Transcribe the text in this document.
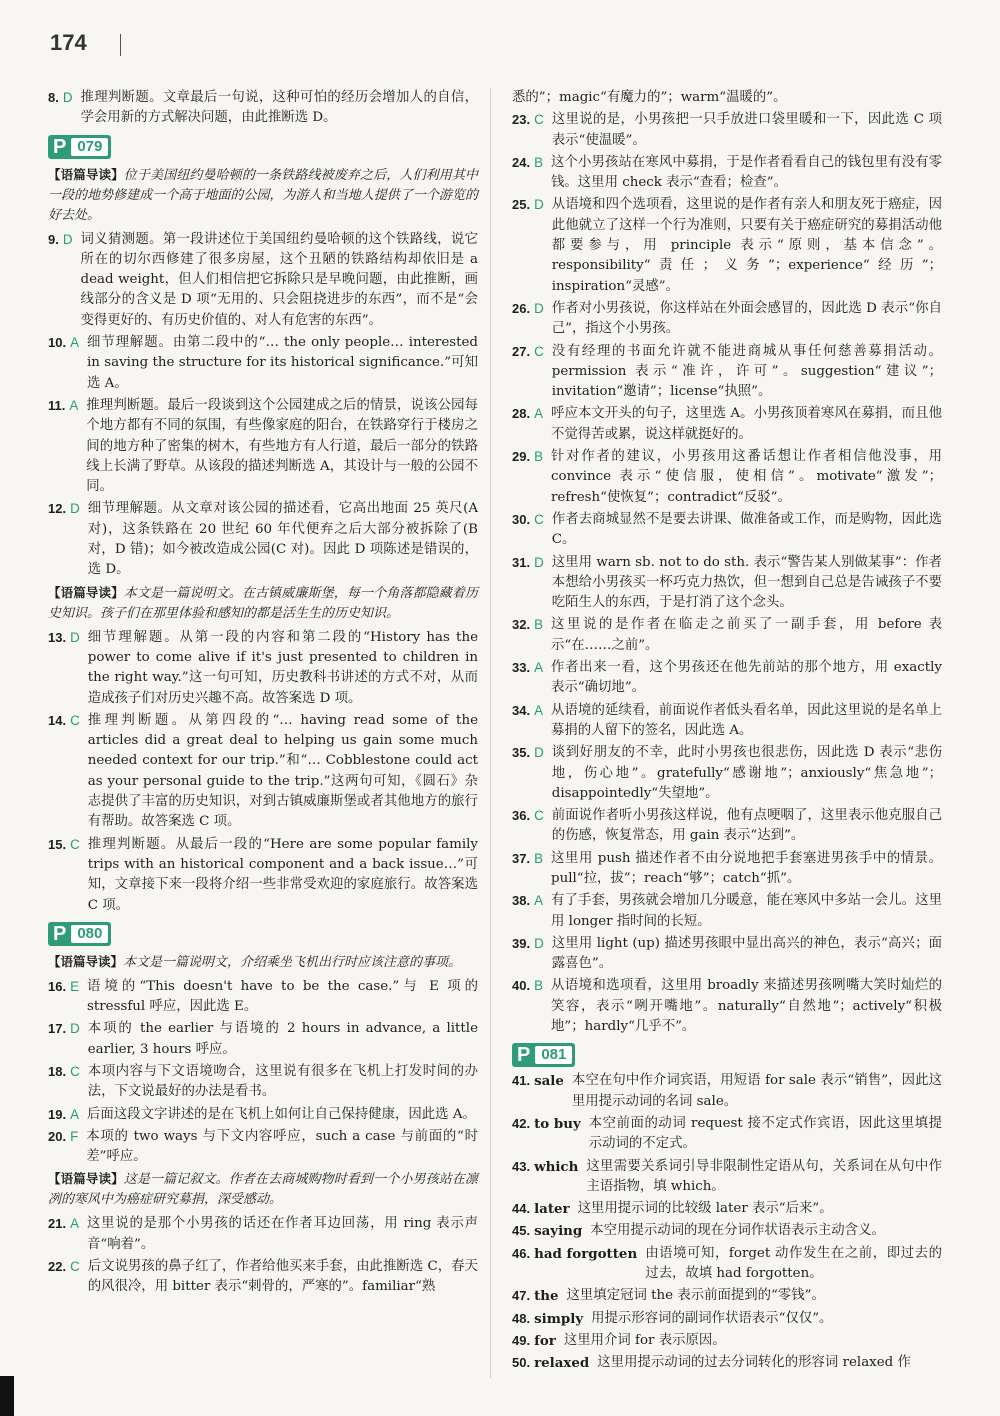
174
8. D 推理判断题。文章最后一句说，这种可怕的经历会增加人的自信，学会用新的方式解决问题，由此推断选 D。
P 079
【语篇导读】位于美国纽约曼哈顿的一条铁路线被废弃之后，人们利用其中一段的地势修建成一个高于地面的公园，为游人和当地人提供了一个游览的好去处。
9. D 词义猜测题。第一段讲述位于美国纽约曼哈顿的这个铁路线，说它所在的切尔西修建了很多房屋，这个丑陋的铁路结构却依旧是 a dead weight，但人们相信把它拆除只是早晚问题，由此推断，画线部分的含义是 D 项“无用的、只会阻挠进步的东西”，而不是“会变得更好的、有历史价值的、对人有危害的东西”。
10. A 细节理解题。由第二段中的“… the only people… interested in saving the structure for its historical significance.”可知选 A。
11. A 推理判断题。最后一段谈到这个公园建成之后的情景，说该公园每个地方都有不同的氛围，有些像家庭的阳台，在铁路穿行于楼房之间的地方种了密集的树木，有些地方有人行道，最后一部分的铁路线上长满了野草。从该段的描述判断选 A，其设计与一般的公园不同。
12. D 细节理解题。从文章对该公园的描述看，它高出地面 25 英尺(A 对)，这条铁路在 20 世纪 60 年代便弃之后大部分被拆除了(B 对，D 错)；如今被改造成公园(C 对)。因此 D 项陈述是错误的，选 D。
【语篇导读】本文是一篇说明文。在古镇威廉斯堡，每一个角落都隐藏着历史知识。孩子们在那里体验和感知的都是活生生的历史知识。
13. D 细节理解题。从第一段的内容和第二段的“History has the power to come alive if it's just presented to children in the right way.”这一句可知，历史教科书讲述的方式不对，从而造成孩子们对历史兴趣不高。故答案选 D 项。
14. C 推理判断题。从第四段的“… having read some of the articles did a great deal to helping us gain some much needed context for our trip.”和“… Cobblestone could act as your personal guide to the trip.”这两句可知，《圆石》杂志提供了丰富的历史知识，对到古镇威廉斯堡或者其他地方的旅行有帮助。故答案选 C 项。
15. C 推理判断题。从最后一段的“Here are some popular family trips with an historical component and a back issue…”可知，文章接下来一段将介绍一些非常受欢迎的家庭旅行。故答案选 C 项。
P 080
【语篇导读】本文是一篇说明文，介绍乘坐飞机出行时应该注意的事项。
16. E 语境的“This doesn't have to be the case.”与 E 项的 stressful 呼应，因此选 E。
17. D 本项的 the earlier 与语境的 2 hours in advance, a little earlier, 3 hours 呼应。
18. C 本项内容与下文语境吻合，这里说有很多在飞机上打发时间的办法，下文说最好的办法是看书。
19. A 后面这段文字讲述的是在飞机上如何让自己保持健康，因此选 A。
20. F 本项的 two ways 与下文内容呼应，such a case 与前面的“时差”呼应。
【语篇导读】这是一篇记叙文。作者在去商城购物时看到一个小男孩站在凛冽的寒风中为癌症研究募捐，深受感动。
21. A 这里说的是那个小男孩的话还在作者耳边回荡，用 ring 表示声音“响着”。
22. C 后文说男孩的鼻子红了，作者给他买来手套，由此推断选 C，春天的风很冷，用 bitter 表示“刺骨的，严寒的”。familiar“熟
悉的”；magic“有魔力的”；warm“温暖的”。
23. C 这里说的是，小男孩把一只手放进口袋里暖和一下，因此选 C 项表示“使温暖”。
24. B 这个小男孩站在寒风中募捐，于是作者看看自己的钱包里有没有零钱。这里用 check 表示“查看；检查”。
25. D 从语境和四个选项看，这里说的是作者有亲人和朋友死于癌症，因此他就立了这样一个行为准则，只要有关于癌症研究的募捐活动他都要参与，用 principle 表示“原则，基本信念”。responsibility“责任；义务”；experience“经历”；inspiration“灵感”。
26. D 作者对小男孩说，你这样站在外面会感冒的，因此选 D 表示“你自己”，指这个小男孩。
27. C 没有经理的书面允许就不能进商城从事任何慈善募捐活动。permission 表示“准许，许可”。suggestion“建议”；invitation“邀请”；license“执照”。
28. A 呼应本文开头的句子，这里选 A。小男孩顶着寒风在募捐，而且他不觉得苦或累，说这样就挺好的。
29. B 针对作者的建议，小男孩用这番话想让作者相信他没事，用 convince 表示“使信服，使相信”。motivate“激发”；refresh“使恢复”；contradict“反驳”。
30. C 作者去商城显然不是要去讲课、做准备或工作，而是购物，因此选 C。
31. D 这里用 warn sb. not to do sth. 表示“警告某人别做某事”：作者本想给小男孩买一杯巧克力热饮，但一想到自己总是告诫孩子不要吃陌生人的东西，于是打消了这个念头。
32. B 这里说的是作者在临走之前买了一副手套，用 before 表示“在……之前”。
33. A 作者出来一看，这个男孩还在他先前站的那个地方，用 exactly 表示“确切地”。
34. A 从语境的延续看，前面说作者低头看名单，因此这里说的是名单上募捐的人留下的签名，因此选 A。
35. D 谈到好朋友的不幸，此时小男孩也很悲伤，因此选 D 表示“悲伤地，伤心地”。gratefully“感谢地”；anxiously“焦急地”；disappointedly“失望地”。
36. C 前面说作者听小男孩这样说，他有点哽咽了，这里表示他克服自己的伤感，恢复常态，用 gain 表示“达到”。
37. B 这里用 push 描述作者不由分说地把手套塞进男孩手中的情景。pull“拉，拔”；reach“够”；catch“抓”。
38. A 有了手套，男孩就会增加几分暖意，能在寒风中多站一会儿。这里用 longer 指时间的长短。
39. D 这里用 light (up) 描述男孩眼中显出高兴的神色，表示“高兴；面露喜色”。
40. B 从语境和选项看，这里用 broadly 来描述男孩咧嘴大笑时灿烂的笑容，表示“咧开嘴地”。naturally“自然地”；actively“积极地”；hardly“几乎不”。
P 081
41. sale 本空在句中作介词宾语，用短语 for sale 表示“销售”，因此这里用提示动词的名词 sale。
42. to buy 本空前面的动词 request 接不定式作宾语，因此这里填提示动词的不定式。
43. which 这里需要关系词引导非限制性定语从句，关系词在从句中作主语指物，填 which。
44. later 这里用提示词的比较级 later 表示“后来”。
45. saying 本空用提示动词的现在分词作状语表示主动含义。
46. had forgotten 由语境可知，forget 动作发生在之前，即过去的过去，故填 had forgotten。
47. the 这里填定冠词 the 表示前面提到的“零钱”。
48. simply 用提示形容词的副词作状语表示“仅仅”。
49. for 这里用介词 for 表示原因。
50. relaxed 这里用提示动词的过去分词转化的形容词 relaxed 作
